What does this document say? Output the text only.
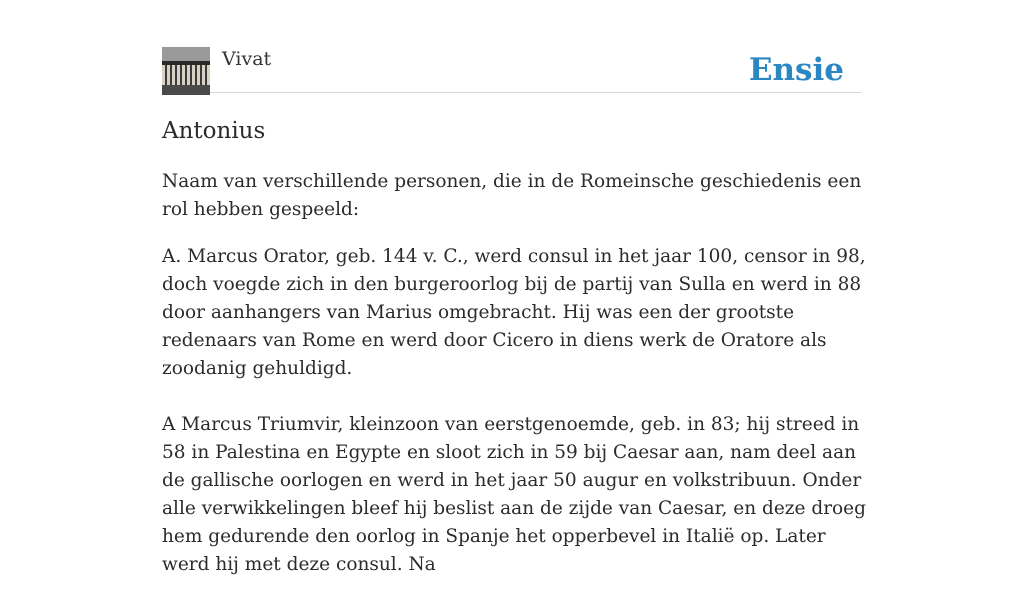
Vivat	Ensie
Antonius

Naam van verschillende personen, die in de Romeinsche geschiedenis een rol hebben gespeeld:

A. Marcus Orator, geb. 144 v. C., werd consul in het jaar 100, censor in 98, doch voegde zich in den burgeroorlog bij de partij van Sulla en werd in 88 door aanhangers van Marius omgebracht. Hij was een der grootste redenaars van Rome en werd door Cicero in diens werk de Oratore als zoodanig gehuldigd.

A Marcus Triumvir, kleinzoon van eerstgenoemde, geb. in 83; hij streed in 58 in Palestina en Egypte en sloot zich in 59 bij Caesar aan, nam deel aan de gallische oorlogen en werd in het jaar 50 augur en volkstribuun. Onder alle verwikkelingen bleef hij beslist aan de zijde van Caesar, en deze droeg hem gedurende den oorlog in Spanje het opperbevel in Italië op. Later werd hij met deze consul. Na
